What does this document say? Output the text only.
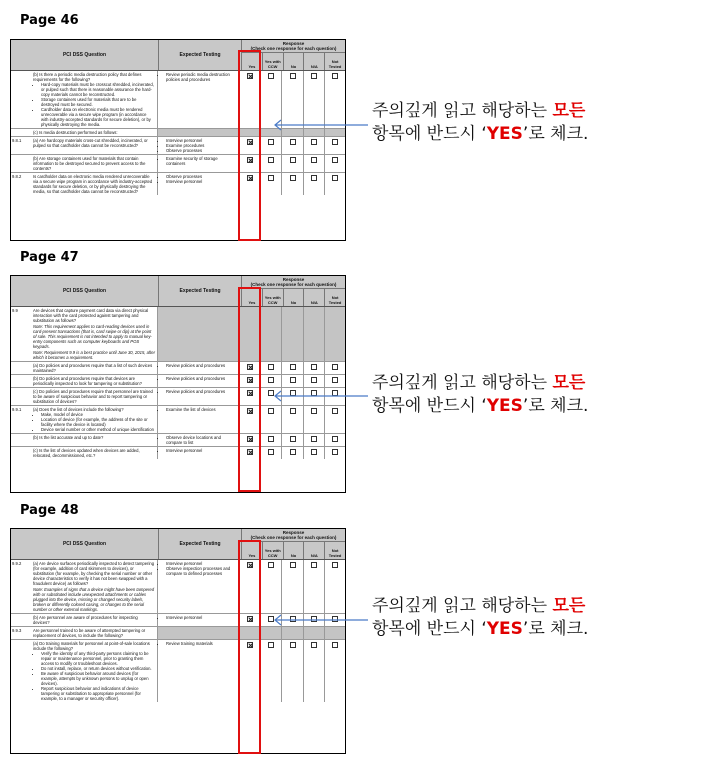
Page 46
PCI DSS Question	Expected Testing
Response
(Check one response for each question)
Yes
Yes with CCW	No	N/A
Not Tested
(b) Is there a periodic media destruction policy that defines requirements for the following?
• Hard-copy materials must be crosscut shredded, incinerated, or pulped such that there is reasonable assurance the hard-copy materials cannot be reconstructed.
• Storage containers used for materials that are to be destroyed must be secured.
• Cardholder data on electronic media must be rendered unrecoverable via a secure wipe program (in accordance with industry-accepted standards for secure deletion), or by physically destroying the media.
• Review periodic media destruction policies and procedures
(c) Is media destruction performed as follows:
9.8.1	(a) Are hardcopy materials cross-cut shredded, incinerated, or pulped so that cardholder data cannot be reconstructed?
• Interview personnel
• Examine procedures
• Observe processes
(b) Are storage containers used for materials that contain information to be destroyed secured to prevent access to the contents?
• Examine security of storage containers
9.8.2	Is cardholder data on electronic media rendered unrecoverable via a secure wipe program in accordance with industry-accepted standards for secure deletion, or by physically destroying the media, so that cardholder data cannot be reconstructed?
• Observe processes
• Interview personnel
주의깊게 읽고 해당하는 모든
항목에 반드시 ‘YES’로 체크.
Page 47
PCI DSS Question	Expected Testing
Response
(Check one response for each question)
Yes
Yes with CCW	No	N/A
Not Tested
9.9	Are devices that capture payment card data via direct physical interaction with the card protected against tampering and substitution as follows?
Note: This requirement applies to card-reading devices used in card-present transactions (that is, card swipe or dip) at the point of sale. This requirement is not intended to apply to manual key-entry components such as computer keyboards and POS keypads.
Note: Requirement 9.9 is a best practice until June 30, 2015, after which it becomes a requirement.
(a) Do policies and procedures require that a list of such devices maintained?
• Review policies and procedures
(b) Do policies and procedures require that devices are periodically inspected to look for tampering or substitution?
• Review policies and procedures
(c) Do policies and procedures require that personnel are trained to be aware of suspicious behavior and to report tampering or substitution of devices?
• Review policies and procedures
9.9.1	(a) Does the list of devices include the following?
• Make, model of device
• Location of device (for example, the address of the site or facility where the device is located)
• Device serial number or other method of unique identification
• Examine the list of devices
(b) Is the list accurate and up to date?
•	Observe device locations and compare to list
(c) Is the list of devices updated when devices are added, relocated, decommissioned, etc.?
• Interview personnel
주의깊게 읽고 해당하는 모든
항목에 반드시 ‘YES’로 체크.
Page 48
PCI DSS Question	Expected Testing
Response
(Check one response for each question)
Yes
Yes with CCW	No	N/A
Not Tested
9.9.2	(a) Are device surfaces periodically inspected to detect tampering (for example, addition of card skimmers to devices), or substitution (for example, by checking the serial number or other device characteristics to verify it has not been swapped with a fraudulent device) as follows?
Note: Examples of signs that a device might have been tampered with or substituted include unexpected attachments or cables plugged into the device, missing or changed security labels, broken or differently colored casing, or changes to the serial number or other external markings.
• Interview personnel
• Observe inspection processes and compare to defined processes
(b) Are personnel are aware of procedures for inspecting devices?
• Interview personnel
9.9.3	Are personnel trained to be aware of attempted tampering or replacement of devices, to include the following?
(a) Do training materials for personnel at point-of-sale locations include the following?
• Verify the identity of any third-party persons claiming to be repair or maintenance personnel, prior to granting them access to modify or troubleshoot devices.
• Do not install, replace, or return devices without verification.
• Be aware of suspicious behavior around devices (for example, attempts by unknown persons to unplug or open devices).
• Report suspicious behavior and indications of device tampering or substitution to appropriate personnel (for example, to a manager or security officer).
• Review training materials
주의깊게 읽고 해당하는 모든
항목에 반드시 ‘YES’로 체크.
